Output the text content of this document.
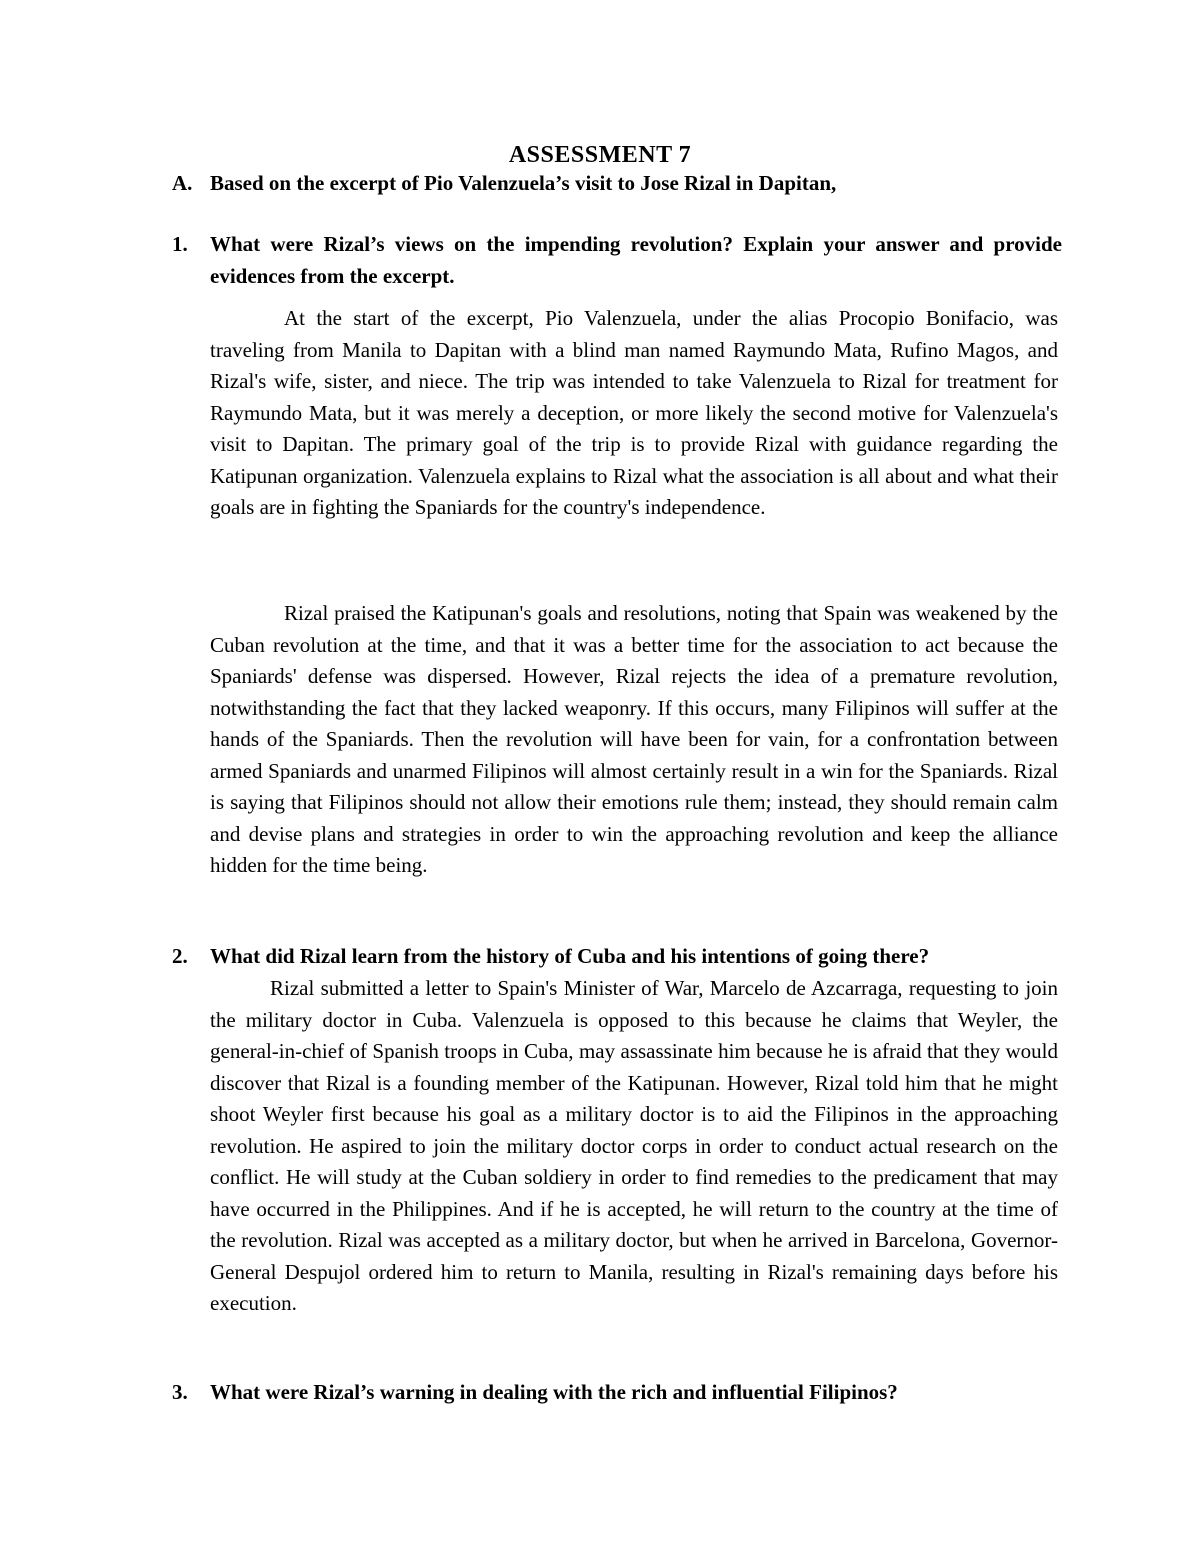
ASSESSMENT 7
A. Based on the excerpt of Pio Valenzuela’s visit to Jose Rizal in Dapitan,
1. What were Rizal’s views on the impending revolution? Explain your answer and provide evidences from the excerpt.

At the start of the excerpt, Pio Valenzuela, under the alias Procopio Bonifacio, was traveling from Manila to Dapitan with a blind man named Raymundo Mata, Rufino Magos, and Rizal's wife, sister, and niece. The trip was intended to take Valenzuela to Rizal for treatment for Raymundo Mata, but it was merely a deception, or more likely the second motive for Valenzuela's visit to Dapitan. The primary goal of the trip is to provide Rizal with guidance regarding the Katipunan organization. Valenzuela explains to Rizal what the association is all about and what their goals are in fighting the Spaniards for the country's independence.

Rizal praised the Katipunan's goals and resolutions, noting that Spain was weakened by the Cuban revolution at the time, and that it was a better time for the association to act because the Spaniards' defense was dispersed. However, Rizal rejects the idea of a premature revolution, notwithstanding the fact that they lacked weaponry. If this occurs, many Filipinos will suffer at the hands of the Spaniards. Then the revolution will have been for vain, for a confrontation between armed Spaniards and unarmed Filipinos will almost certainly result in a win for the Spaniards. Rizal is saying that Filipinos should not allow their emotions rule them; instead, they should remain calm and devise plans and strategies in order to win the approaching revolution and keep the alliance hidden for the time being.

2. What did Rizal learn from the history of Cuba and his intentions of going there?

Rizal submitted a letter to Spain's Minister of War, Marcelo de Azcarraga, requesting to join the military doctor in Cuba. Valenzuela is opposed to this because he claims that Weyler, the general-in-chief of Spanish troops in Cuba, may assassinate him because he is afraid that they would discover that Rizal is a founding member of the Katipunan. However, Rizal told him that he might shoot Weyler first because his goal as a military doctor is to aid the Filipinos in the approaching revolution. He aspired to join the military doctor corps in order to conduct actual research on the conflict. He will study at the Cuban soldiery in order to find remedies to the predicament that may have occurred in the Philippines. And if he is accepted, he will return to the country at the time of the revolution. Rizal was accepted as a military doctor, but when he arrived in Barcelona, Governor-General Despujol ordered him to return to Manila, resulting in Rizal's remaining days before his execution.

3. What were Rizal’s warning in dealing with the rich and influential Filipinos?
